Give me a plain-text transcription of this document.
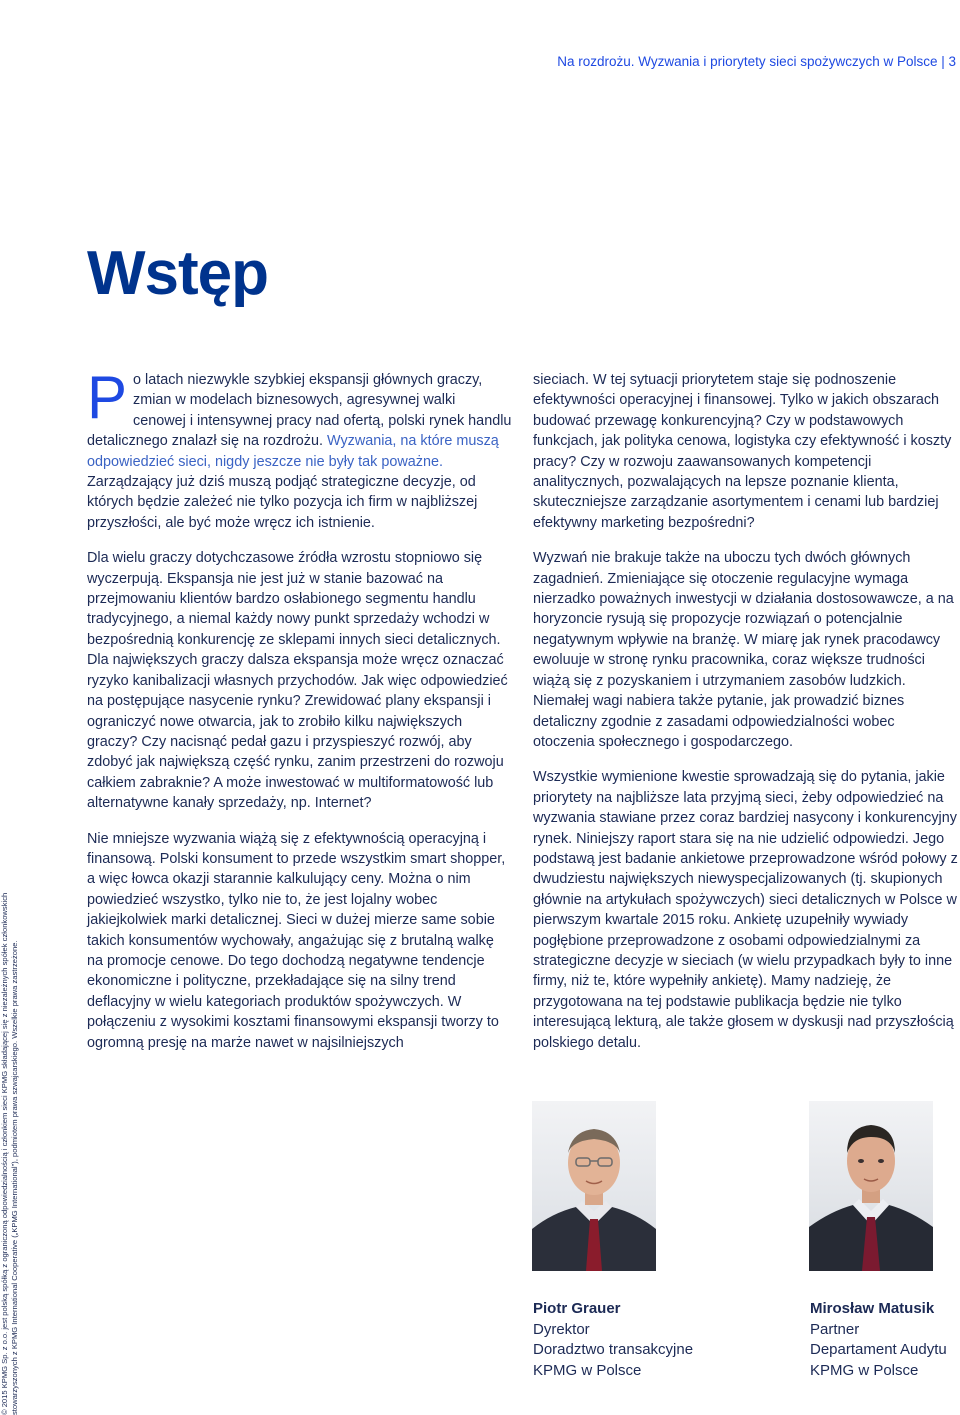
Na rozdrożu. Wyzwania i priorytety sieci spożywczych w Polsce | 3
Wstęp

Po latach niezwykle szybkiej ekspansji głównych graczy, zmian w modelach biznesowych, agresywnej walki cenowej i intensywnej pracy nad ofertą, polski rynek handlu detalicznego znalazł się na rozdrożu. Wyzwania, na które muszą odpowiedzieć sieci, nigdy jeszcze nie były tak poważne. Zarządzający już dziś muszą podjąć strategiczne decyzje, od których będzie zależeć nie tylko pozycja ich firm w najbliższej przyszłości, ale być może wręcz ich istnienie.

Dla wielu graczy dotychczasowe źródła wzrostu stopniowo się wyczerpują. Ekspansja nie jest już w stanie bazować na przejmowaniu klientów bardzo osłabionego segmentu handlu tradycyjnego, a niemal każdy nowy punkt sprzedaży wchodzi w bezpośrednią konkurencję ze sklepami innych sieci detalicznych. Dla największych graczy dalsza ekspansja może wręcz oznaczać ryzyko kanibalizacji własnych przychodów. Jak więc odpowiedzieć na postępujące nasycenie rynku? Zrewidować plany ekspansji i ograniczyć nowe otwarcia, jak to zrobiło kilku największych graczy? Czy nacisnąć pedał gazu i przyspieszyć rozwój, aby zdobyć jak największą część rynku, zanim przestrzeni do rozwoju całkiem zabraknie? A może inwestować w multiformatowość lub alternatywne kanały sprzedaży, np. Internet?

Nie mniejsze wyzwania wiążą się z efektywnością operacyjną i finansową. Polski konsument to przede wszystkim smart shopper, a więc łowca okazji starannie kalkulujący ceny. Można o nim powiedzieć wszystko, tylko nie to, że jest lojalny wobec jakiejkolwiek marki detalicznej. Sieci w dużej mierze same sobie takich konsumentów wychowały, angażując się z brutalną walkę na promocje cenowe. Do tego dochodzą negatywne tendencje ekonomiczne i polityczne, przekładające się na silny trend deflacyjny w wielu kategoriach produktów spożywczych. W połączeniu z wysokimi kosztami finansowymi ekspansji tworzy to ogromną presję na marże nawet w najsilniejszych

sieciach. W tej sytuacji priorytetem staje się podnoszenie efektywności operacyjnej i finansowej. Tylko w jakich obszarach budować przewagę konkurencyjną? Czy w podstawowych funkcjach, jak polityka cenowa, logistyka czy efektywność i koszty pracy? Czy w rozwoju zaawansowanych kompetencji analitycznych, pozwalających na lepsze poznanie klienta, skuteczniejsze zarządzanie asortymentem i cenami lub bardziej efektywny marketing bezpośredni?

Wyzwań nie brakuje także na uboczu tych dwóch głównych zagadnień. Zmieniające się otoczenie regulacyjne wymaga nierzadko poważnych inwestycji w działania dostosowawcze, a na horyzoncie rysują się propozycje rozwiązań o potencjalnie negatywnym wpływie na branżę. W miarę jak rynek pracodawcy ewoluuje w stronę rynku pracownika, coraz większe trudności wiążą się z pozyskaniem i utrzymaniem zasobów ludzkich. Niemałej wagi nabiera także pytanie, jak prowadzić biznes detaliczny zgodnie z zasadami odpowiedzialności wobec otoczenia społecznego i gospodarczego.

Wszystkie wymienione kwestie sprowadzają się do pytania, jakie priorytety na najbliższe lata przyjmą sieci, żeby odpowiedzieć na wyzwania stawiane przez coraz bardziej nasycony i konkurencyjny rynek. Niniejszy raport stara się na nie udzielić odpowiedzi. Jego podstawą jest badanie ankietowe przeprowadzone wśród połowy z dwudziestu największych niewyspecjalizowanych (tj. skupionych głównie na artykułach spożywczych) sieci detalicznych w Polsce w pierwszym kwartale 2015 roku. Ankietę uzupełniły wywiady pogłębione przeprowadzone z osobami odpowiedzialnymi za strategiczne decyzje w sieciach (w wielu przypadkach były to inne firmy, niż te, które wypełniły ankietę). Mamy nadzieję, że przygotowana na tej podstawie publikacja będzie nie tylko interesującą lekturą, ale także głosem w dyskusji nad przyszłością polskiego detalu.

© 2015 KPMG Sp. z o.o. jest polską spółką z ograniczoną odpowiedzialnością i członkiem sieci KPMG składającej się z niezależnych spółek członkowskich stowarzyszonych z KPMG International Cooperative („KPMG International"), podmiotem prawa szwajcarskiego. Wszelkie prawa zastrzeżone.	Piotr Grauer
Dyrektor
Doradztwo transakcyjne
KPMG w Polsce
Mirosław Matusik
Partner
Departament Audytu
KPMG w Polsce
